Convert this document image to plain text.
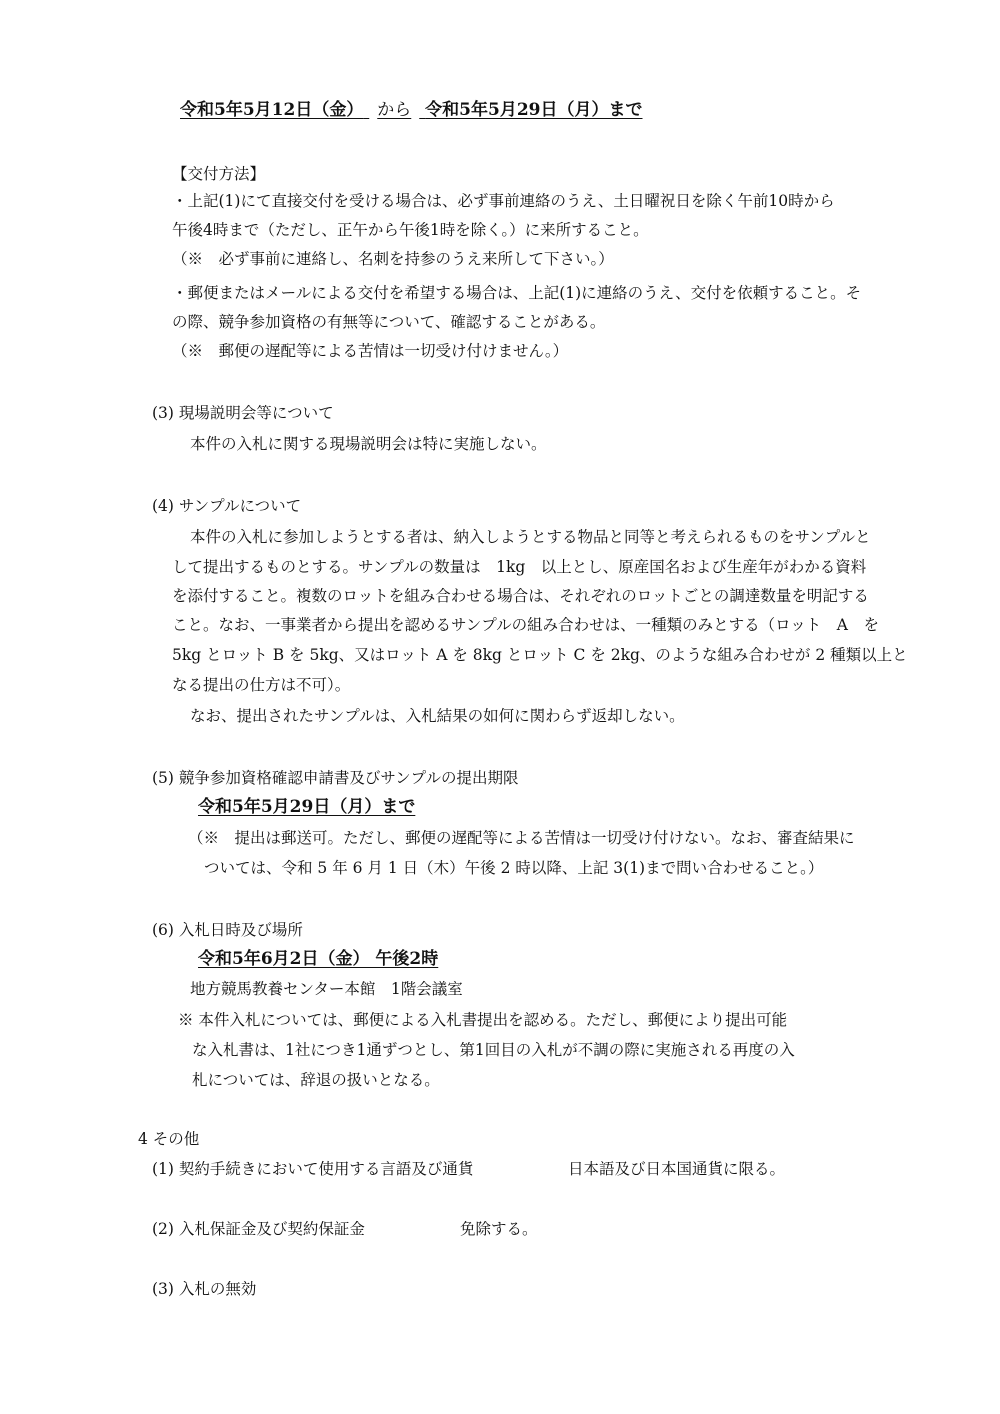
令和5年5月12日（金） から 令和5年5月29日（月）まで
【交付方法】
・上記(1)にて直接交付を受ける場合は、必ず事前連絡のうえ、土日曜祝日を除く午前10時から
午後4時まで（ただし、正午から午後1時を除く。）に来所すること。
（※　必ず事前に連絡し、名刺を持参のうえ来所して下さい。）
・郵便またはメールによる交付を希望する場合は、上記(1)に連絡のうえ、交付を依頼すること。そ
の際、競争参加資格の有無等について、確認することがある。
（※　郵便の遅配等による苦情は一切受け付けません。）
(3) 現場説明会等について
本件の入札に関する現場説明会は特に実施しない。
(4) サンプルについて
本件の入札に参加しようとする者は、納入しようとする物品と同等と考えられるものをサンプルと
して提出するものとする。サンプルの数量は　1kg　以上とし、原産国名および生産年がわかる資料
を添付すること。複数のロットを組み合わせる場合は、それぞれのロットごとの調達数量を明記する
こと。なお、一事業者から提出を認めるサンプルの組み合わせは、一種類のみとする（ロット　A　を
5kg とロット B を 5kg、又はロット A を 8kg とロット C を 2kg、のような組み合わせが 2 種類以上と
なる提出の仕方は不可）。
なお、提出されたサンプルは、入札結果の如何に関わらず返却しない。
(5) 競争参加資格確認申請書及びサンプルの提出期限
令和5年5月29日（月）まで
（※　提出は郵送可。ただし、郵便の遅配等による苦情は一切受け付けない。なお、審査結果に
ついては、令和 5 年 6 月 1 日（木）午後 2 時以降、上記 3(1)まで問い合わせること。）
(6) 入札日時及び場所
令和5年6月2日（金） 午後2時
地方競馬教養センター本館　1階会議室
※ 本件入札については、郵便による入札書提出を認める。ただし、郵便により提出可能
な入札書は、1社につき1通ずつとし、第1回目の入札が不調の際に実施される再度の入
札については、辞退の扱いとなる。
4 その他
(1) 契約手続きにおいて使用する言語及び通貨	日本語及び日本国通貨に限る。
(2) 入札保証金及び契約保証金	免除する。
(3) 入札の無効
